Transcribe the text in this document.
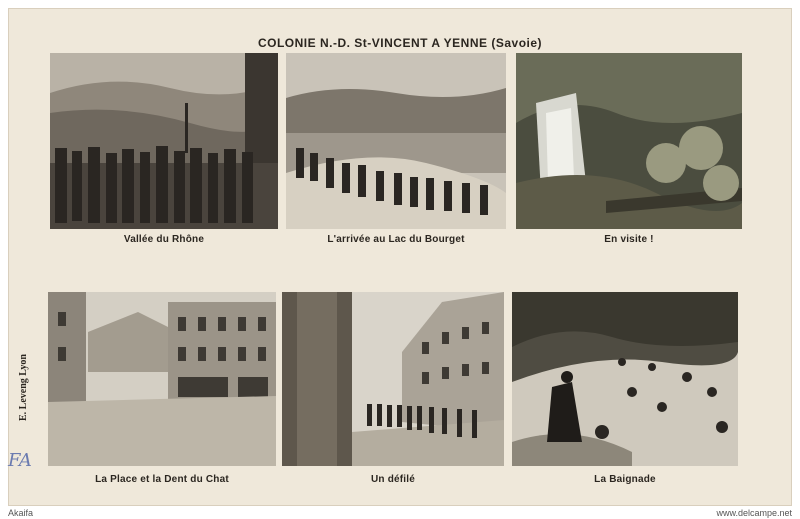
COLONIE N.-D. St-VINCENT A YENNE (Savoie)
Vallée du Rhône	L'arrivée au Lac du Bourget	En visite !
La Place et la Dent du Chat	Un défilé	La Baignade
E. Leveng Lyon
FA
Akaifa	www.delcampe.net
